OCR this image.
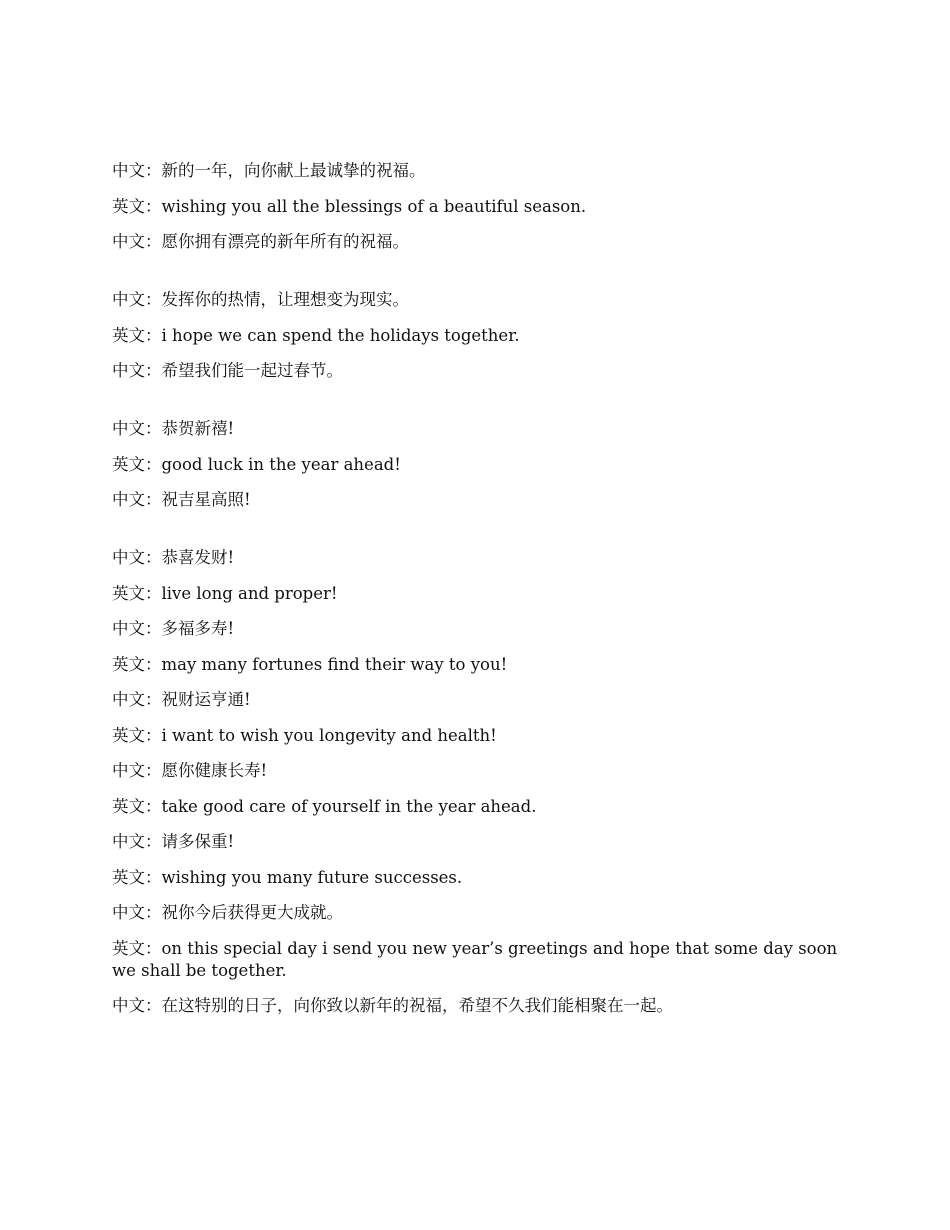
中文：新的一年，向你献上最诚挚的祝福。
英文：wishing you all the blessings of a beautiful season.
中文：愿你拥有漂亮的新年所有的祝福。
中文：发挥你的热情，让理想变为现实。
英文：i hope we can spend the holidays together.
中文：希望我们能一起过春节。
中文：恭贺新禧!
英文：good luck in the year ahead!
中文：祝吉星高照!
中文：恭喜发财!
英文：live long and proper!
中文：多福多寿!
英文：may many fortunes find their way to you!
中文：祝财运亨通!
英文：i want to wish you longevity and health!
中文：愿你健康长寿!
英文：take good care of yourself in the year ahead.
中文：请多保重!
英文：wishing you many future successes.
中文：祝你今后获得更大成就。
英文：on this special day i send you new year’s greetings and hope that some day soon we shall be together.
中文：在这特别的日子，向你致以新年的祝福，希望不久我们能相聚在一起。
